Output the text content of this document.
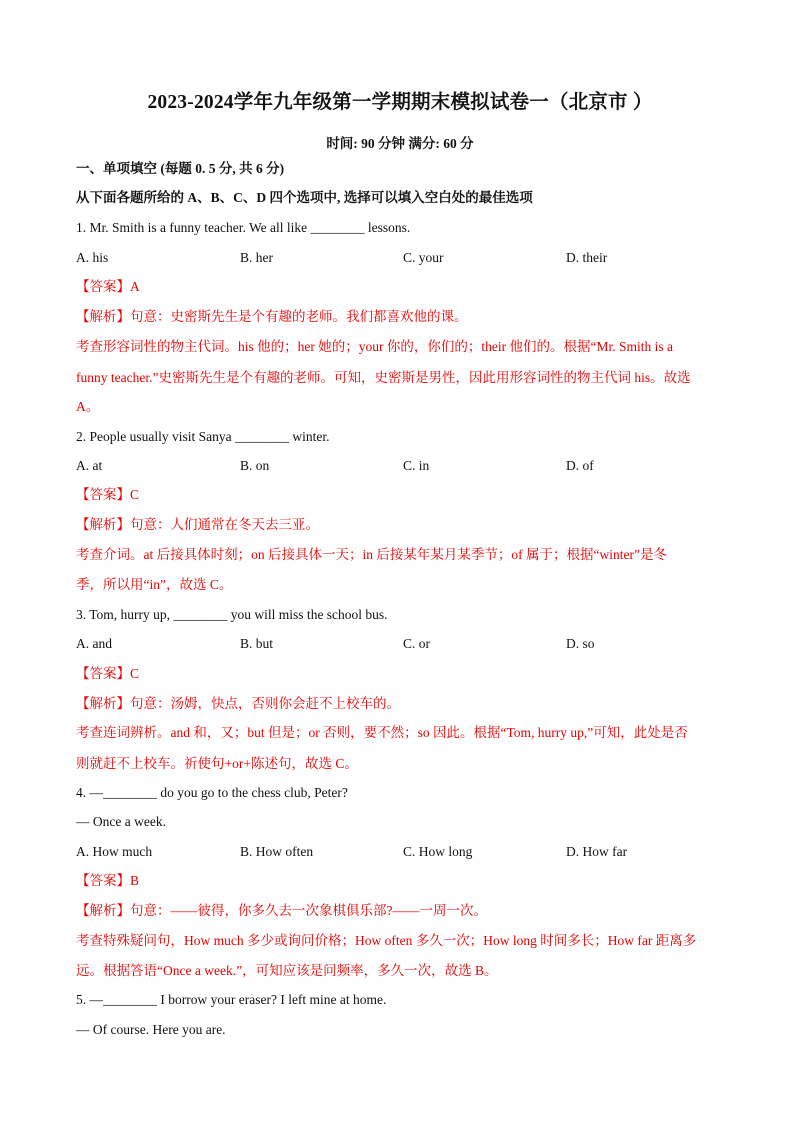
2023-2024学年九年级第一学期期末模拟试卷一（北京市 ）
时间: 90 分钟 满分: 60 分
一、单项填空 (每题 0. 5 分, 共 6 分)
从下面各题所给的 A、B、C、D 四个选项中, 选择可以填入空白处的最佳选项
1. Mr. Smith is a funny teacher. We all like ________ lessons.
A. his	B. her	C. your	D. their
【答案】A
【解析】句意：史密斯先生是个有趣的老师。我们都喜欢他的课。
考查形容词性的物主代词。his 他的；her 她的；your 你的，你们的；their 他们的。根据“Mr. Smith is a
funny teacher.”史密斯先生是个有趣的老师。可知，史密斯是男性，因此用形容词性的物主代词 his。故选
A。
2. People usually visit Sanya ________ winter.
A. at	B. on	C. in	D. of
【答案】C
【解析】句意：人们通常在冬天去三亚。
考查介词。at 后接具体时刻；on 后接具体一天；in 后接某年某月某季节；of 属于；根据“winter”是冬
季，所以用“in”，故选 C。
3. Tom, hurry up, ________ you will miss the school bus.
A. and	B. but	C. or	D. so
【答案】C
【解析】句意：汤姆，快点，否则你会赶不上校车的。
考查连词辨析。and 和，又；but 但是；or 否则，要不然；so 因此。根据“Tom, hurry up,”可知，此处是否
则就赶不上校车。祈使句+or+陈述句，故选 C。
4. —________ do you go to the chess club, Peter?
— Once a week.
A. How much	B. How often	C. How long	D. How far
【答案】B
【解析】句意：——彼得，你多久去一次象棋俱乐部?——一周一次。
考查特殊疑问句，How much 多少或询问价格；How often 多久一次；How long 时间多长；How far 距离多
远。根据答语“Once a week.”，可知应该是问频率，多久一次，故选 B。
5. —________ I borrow your eraser? I left mine at home.
— Of course. Here you are.
